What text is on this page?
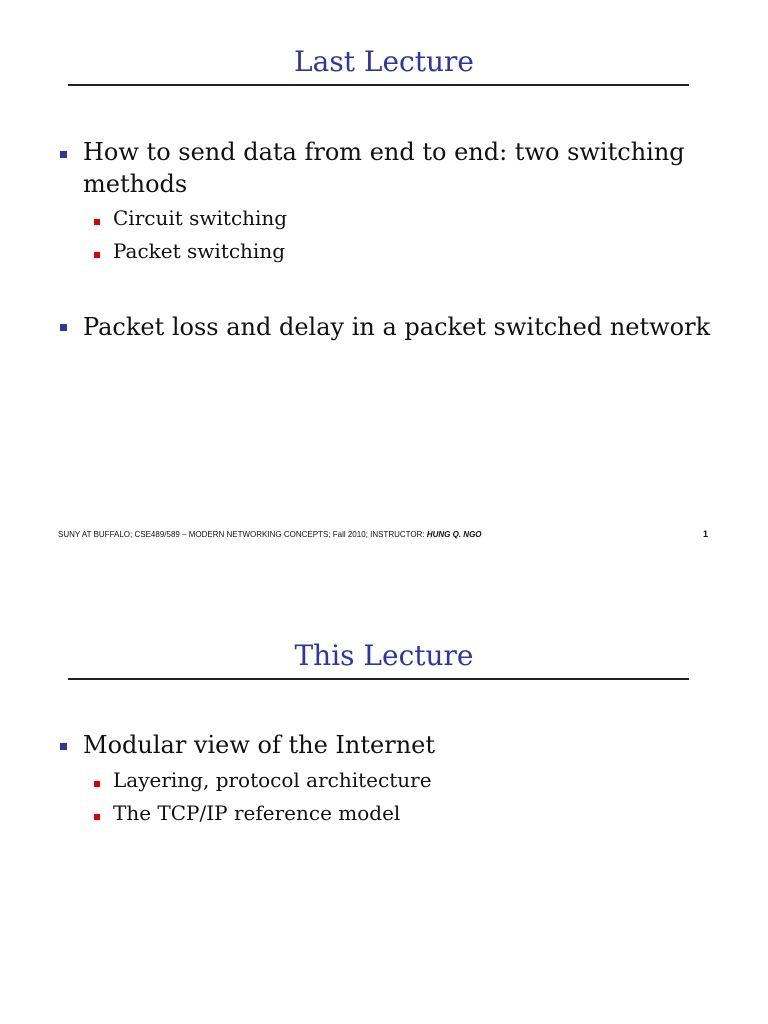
Last Lecture
How to send data from end to end: two switching methods
Circuit switching
Packet switching
Packet loss and delay in a packet switched network
SUNY AT BUFFALO; CSE489/589 – MODERN NETWORKING CONCEPTS; Fall 2010; INSTRUCTOR: HUNG Q. NGO	1
This Lecture
Modular view of the Internet
Layering, protocol architecture
The TCP/IP reference model
